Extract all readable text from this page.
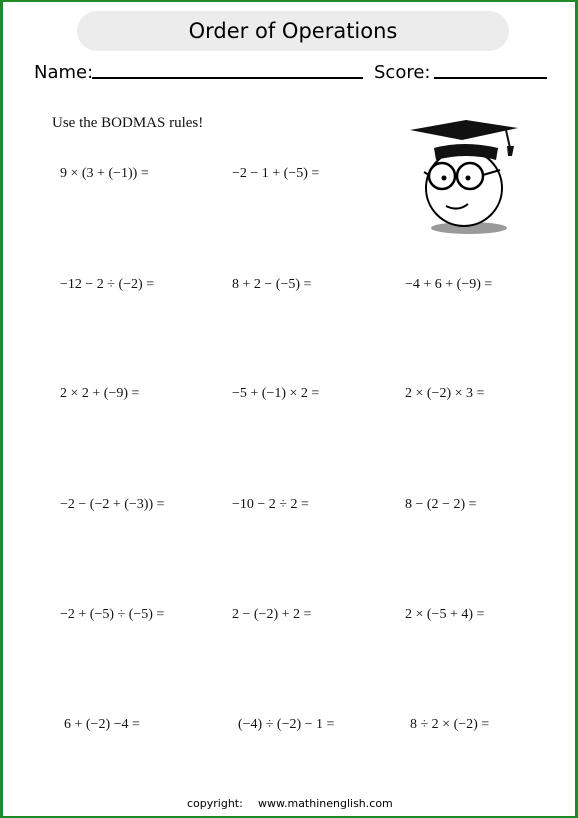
Order of Operations
Name:	Score:
Use the BODMAS rules!
9 × (3 + (−1)) =	−2 − 1 + (−5) =
−12 − 2 ÷ (−2) =	8 + 2 − (−5) =	−4 + 6 + (−9) =
2 × 2 + (−9) =	−5 + (−1) × 2 =	2 × (−2) × 3 =
−2 − (−2 + (−3)) =	−10 − 2 ÷ 2 =	8 − (2 − 2) =
−2 + (−5) ÷ (−5) =	2 − (−2) + 2 =	2 × (−5 + 4) =
6 + (−2) −4 =	(−4) ÷ (−2) − 1 =	8 ÷ 2 × (−2) =
copyright: www.mathinenglish.com
